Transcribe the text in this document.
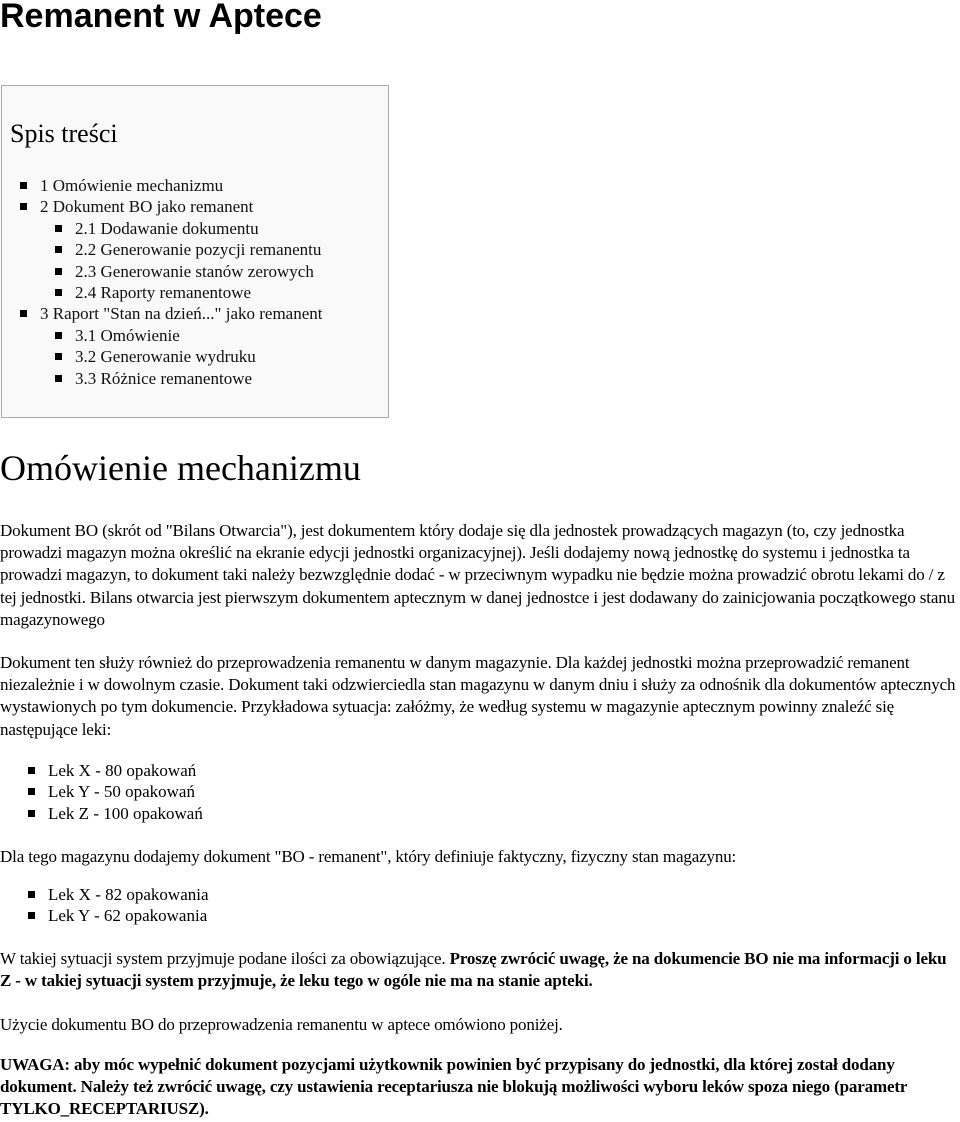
Remanent w Aptece
Spis treści
1 Omówienie mechanizmu
2 Dokument BO jako remanent
2.1 Dodawanie dokumentu
2.2 Generowanie pozycji remanentu
2.3 Generowanie stanów zerowych
2.4 Raporty remanentowe
3 Raport "Stan na dzień..." jako remanent
3.1 Omówienie
3.2 Generowanie wydruku
3.3 Różnice remanentowe
Omówienie mechanizmu

Dokument BO (skrót od "Bilans Otwarcia"), jest dokumentem który dodaje się dla jednostek prowadzących magazyn (to, czy jednostka prowadzi magazyn można określić na ekranie edycji jednostki organizacyjnej). Jeśli dodajemy nową jednostkę do systemu i jednostka ta prowadzi magazyn, to dokument taki należy bezwzględnie dodać - w przeciwnym wypadku nie będzie można prowadzić obrotu lekami do / z tej jednostki. Bilans otwarcia jest pierwszym dokumentem aptecznym w danej jednostce i jest dodawany do zainicjowania początkowego stanu magazynowego

Dokument ten służy również do przeprowadzenia remanentu w danym magazynie. Dla każdej jednostki można przeprowadzić remanent niezależnie i w dowolnym czasie. Dokument taki odzwierciedla stan magazynu w danym dniu i służy za odnośnik dla dokumentów aptecznych wystawionych po tym dokumencie. Przykładowa sytuacja: załóżmy, że według systemu w magazynie aptecznym powinny znaleźć się następujące leki:

Lek X - 80 opakowań
Lek Y - 50 opakowań
Lek Z - 100 opakowań

Dla tego magazynu dodajemy dokument "BO - remanent", który definiuje faktyczny, fizyczny stan magazynu:

Lek X - 82 opakowania
Lek Y - 62 opakowania

W takiej sytuacji system przyjmuje podane ilości za obowiązujące. Proszę zwrócić uwagę, że na dokumencie BO nie ma informacji o leku Z - w takiej sytuacji system przyjmuje, że leku tego w ogóle nie ma na stanie apteki.

Użycie dokumentu BO do przeprowadzenia remanentu w aptece omówiono poniżej.

UWAGA: aby móc wypełnić dokument pozycjami użytkownik powinien być przypisany do jednostki, dla której został dodany dokument. Należy też zwrócić uwagę, czy ustawienia receptariusza nie blokują możliwości wyboru leków spoza niego (parametr TYLKO_RECEPTARIUSZ).
